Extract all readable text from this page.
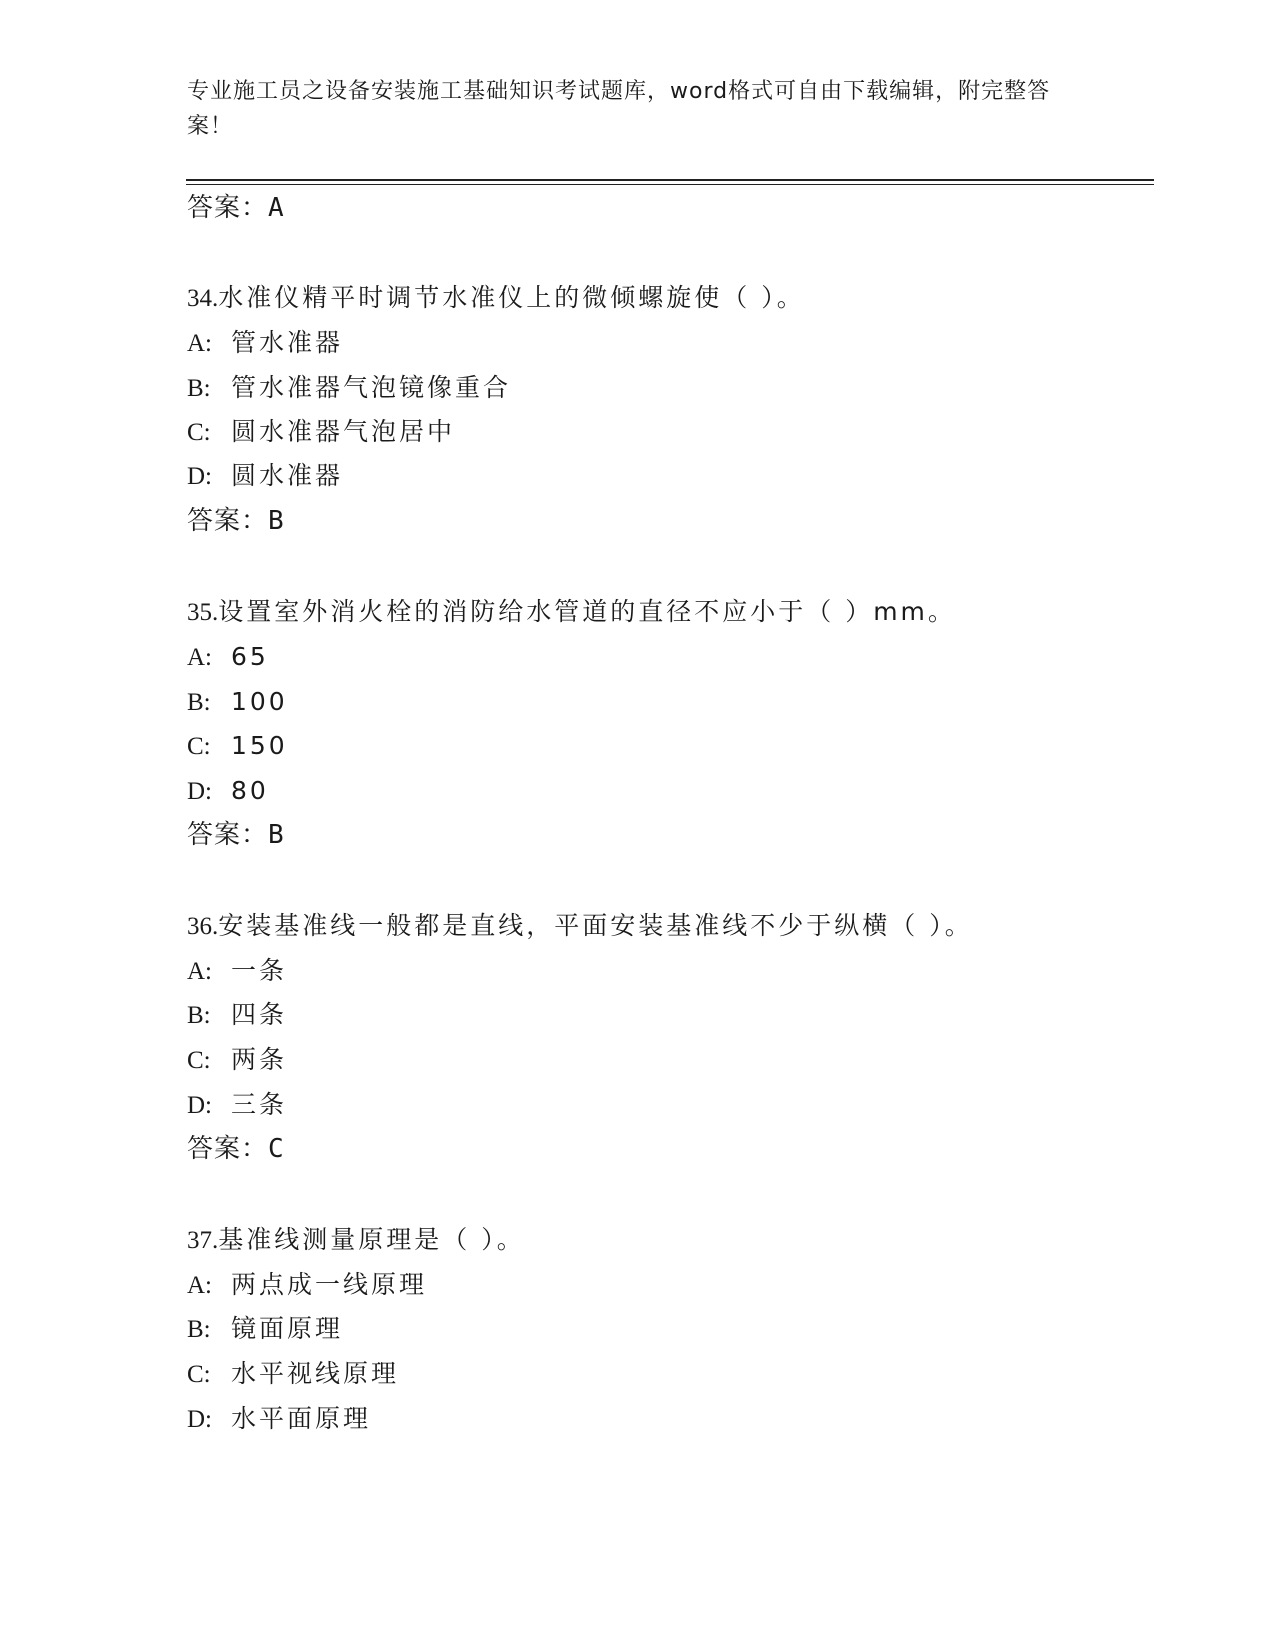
专业施工员之设备安装施工基础知识考试题库，word格式可自由下载编辑，附完整答案！
答案：A
34.水准仪精平时调节水准仪上的微倾螺旋使（ ）。
A: 管水准器
B: 管水准器气泡镜像重合
C: 圆水准器气泡居中
D: 圆水准器
答案：B
35.设置室外消火栓的消防给水管道的直径不应小于（ ）mm。
A: 65
B: 100
C: 150
D: 80
答案：B
36.安装基准线一般都是直线，平面安装基准线不少于纵横（ ）。
A: 一条
B: 四条
C: 两条
D: 三条
答案：C
37.基准线测量原理是（ ）。
A: 两点成一线原理
B: 镜面原理
C: 水平视线原理
D: 水平面原理
